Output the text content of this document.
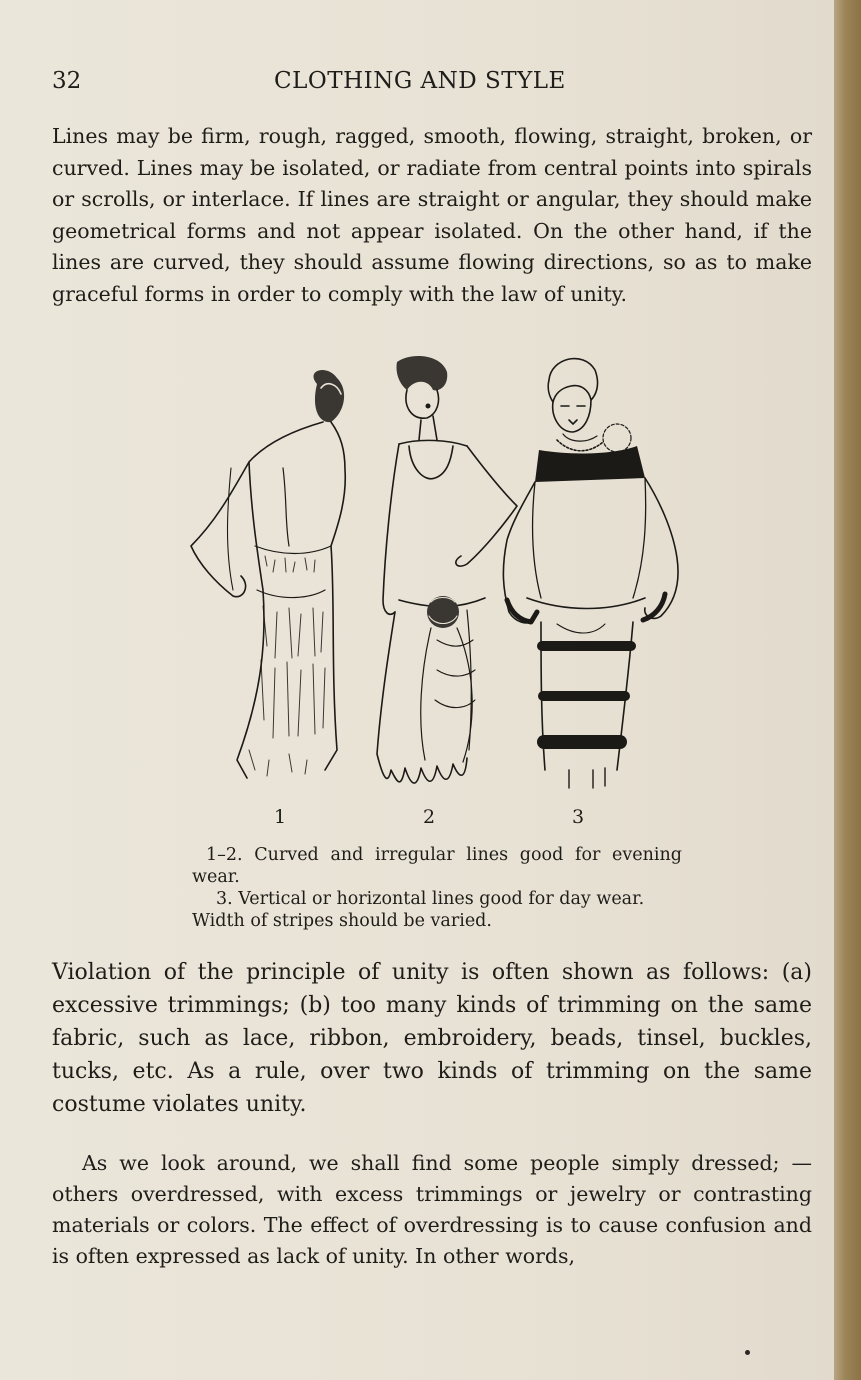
32	CLOTHING AND STYLE

Lines may be firm, rough, ragged, smooth, flowing, straight, broken, or curved. Lines may be isolated, or radiate from central points into spirals or scrolls, or interlace. If lines are straight or angular, they should make geometrical forms and not appear isolated. On the other hand, if the lines are curved, they should assume flowing directions, so as to make graceful forms in order to comply with the law of unity.

1	2	3
1–2. Curved and irregular lines good for evening wear.
3. Vertical or horizontal lines good for day wear. Width of stripes should be varied.

Violation of the principle of unity is often shown as follows: (a) excessive trimmings; (b) too many kinds of trimming on the same fabric, such as lace, ribbon, embroidery, beads, tinsel, buckles, tucks, etc. As a rule, over two kinds of trimming on the same costume violates unity.

As we look around, we shall find some people simply dressed; — others overdressed, with excess trimmings or jewelry or contrasting materials or colors. The effect of overdressing is to cause confusion and is often expressed as lack of unity. In other words,
